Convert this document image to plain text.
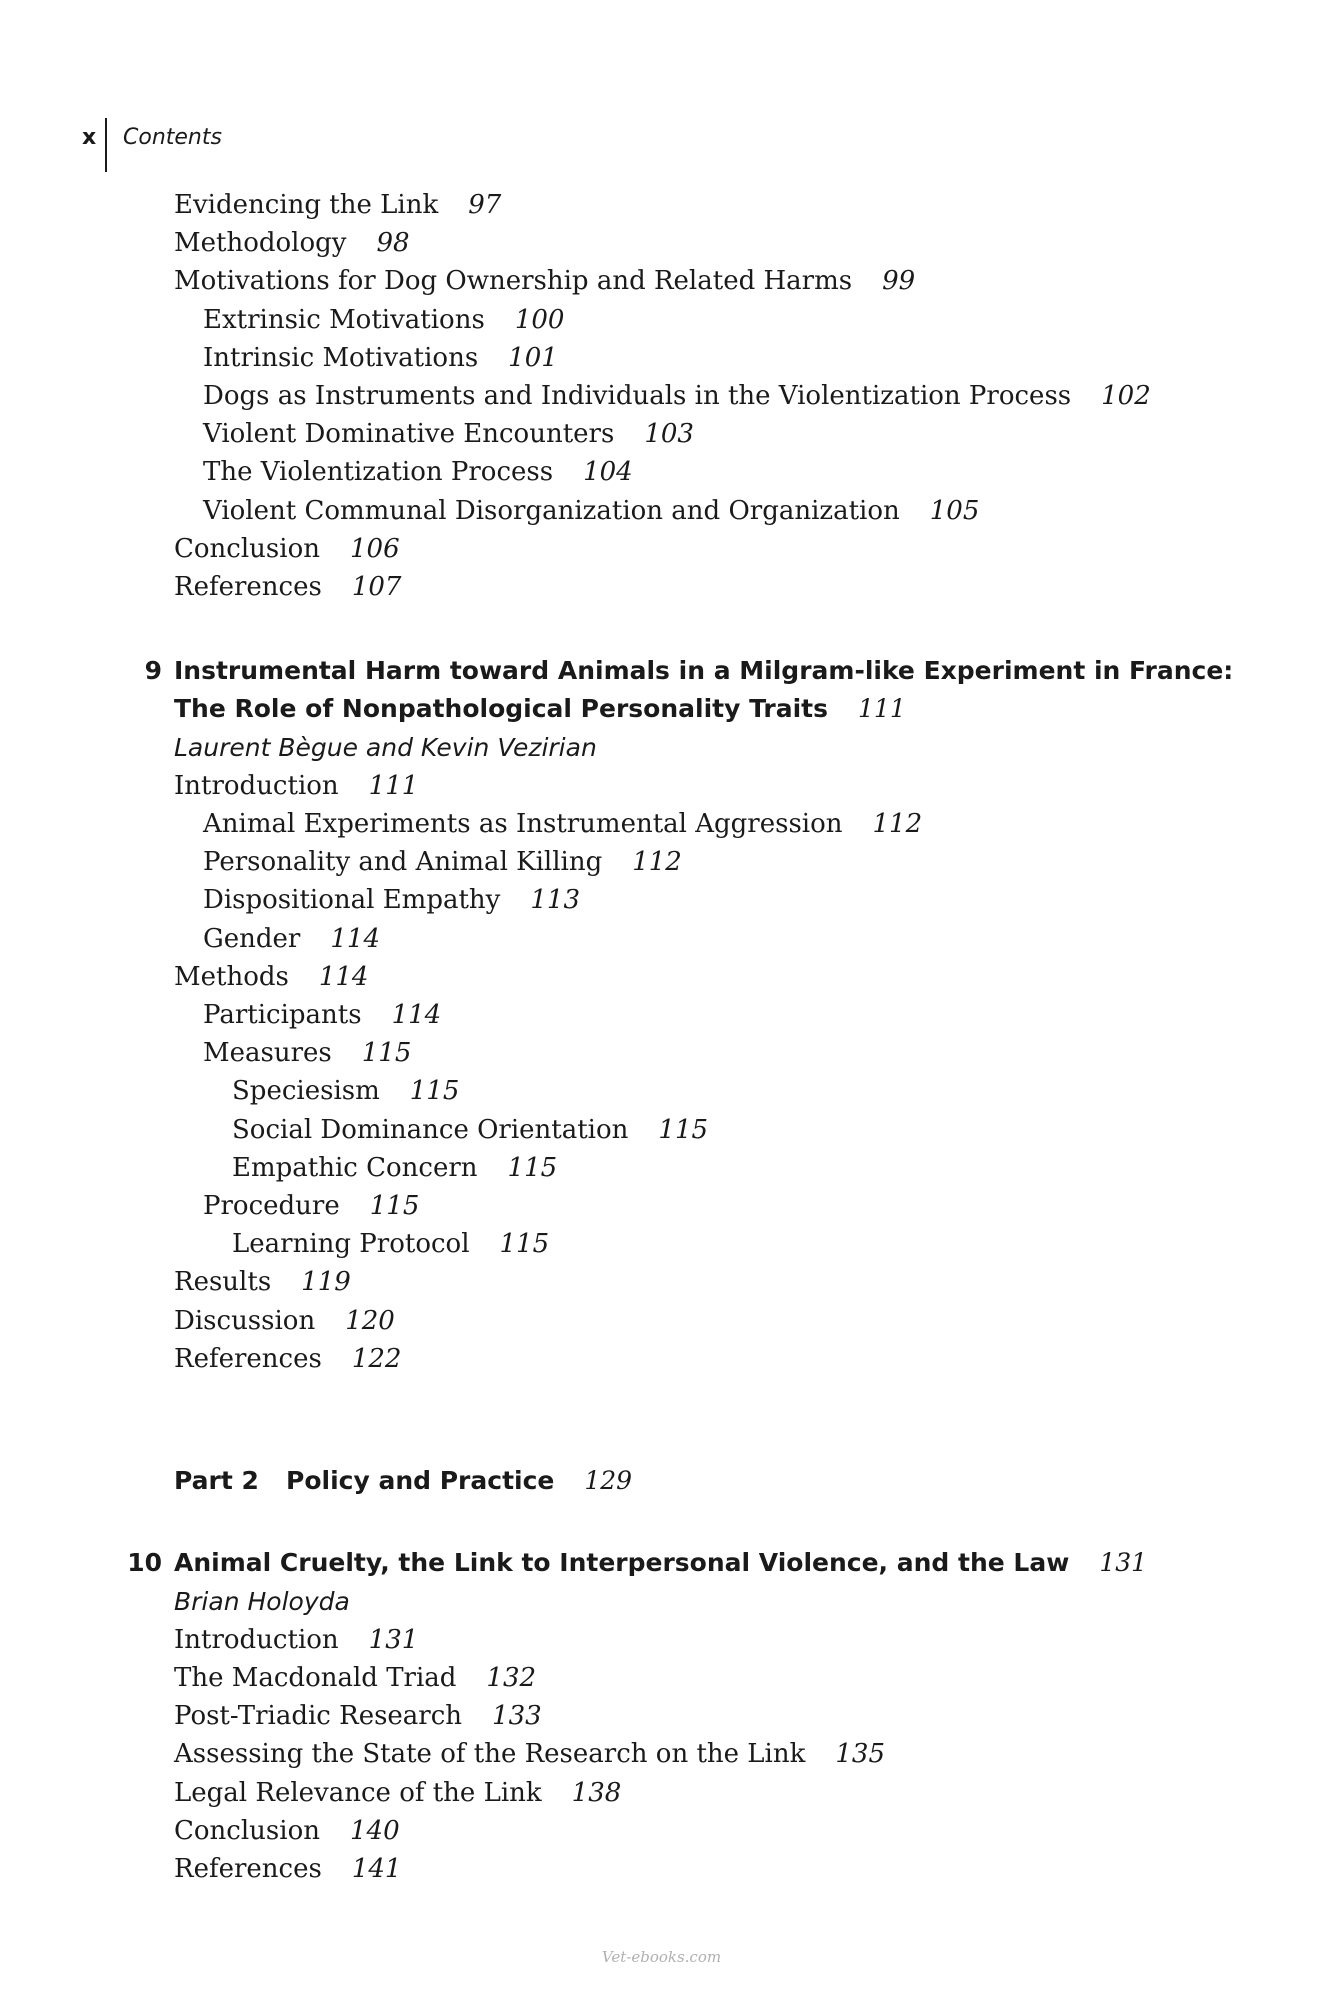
x Contents
Evidencing the Link 97
Methodology 98
Motivations for Dog Ownership and Related Harms 99
Extrinsic Motivations 100
Intrinsic Motivations 101
Dogs as Instruments and Individuals in the Violentization Process 102
Violent Dominative Encounters 103
The Violentization Process 104
Violent Communal Disorganization and Organization 105
Conclusion 106
References 107
9 Instrumental Harm toward Animals in a Milgram-like Experiment in France:
The Role of Nonpathological Personality Traits 111
Laurent Bègue and Kevin Vezirian
Introduction 111
Animal Experiments as Instrumental Aggression 112
Personality and Animal Killing 112
Dispositional Empathy 113
Gender 114
Methods 114
Participants 114
Measures 115
Speciesism 115
Social Dominance Orientation 115
Empathic Concern 115
Procedure 115
Learning Protocol 115
Results 119
Discussion 120
References 122
Part 2 Policy and Practice 129
10 Animal Cruelty, the Link to Interpersonal Violence, and the Law 131
Brian Holoyda
Introduction 131
The Macdonald Triad 132
Post-Triadic Research 133
Assessing the State of the Research on the Link 135
Legal Relevance of the Link 138
Conclusion 140
References 141
Vet-ebooks.com
